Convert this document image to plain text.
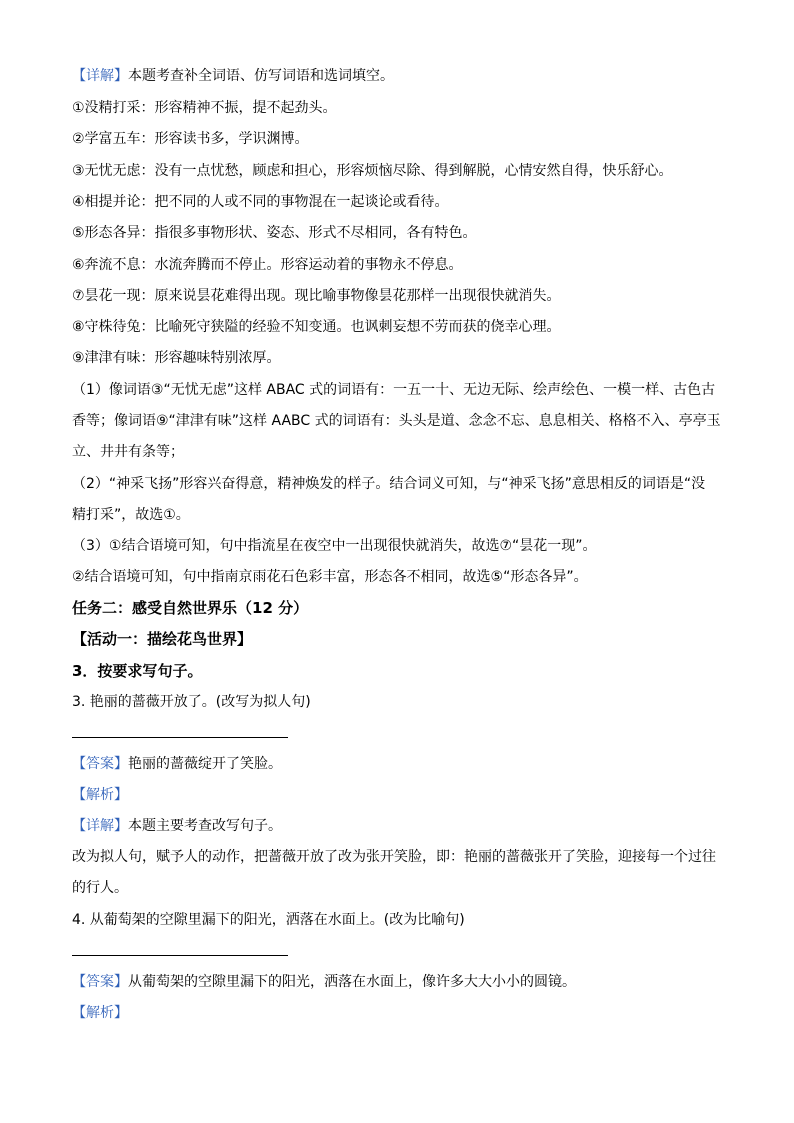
【详解】本题考查补全词语、仿写词语和选词填空。
①没精打采：形容精神不振，提不起劲头。
②学富五车：形容读书多，学识渊博。
③无忧无虑：没有一点忧愁，顾虑和担心，形容烦恼尽除、得到解脱，心情安然自得，快乐舒心。
④相提并论：把不同的人或不同的事物混在一起谈论或看待。
⑤形态各异：指很多事物形状、姿态、形式不尽相同，各有特色。
⑥奔流不息：水流奔腾而不停止。形容运动着的事物永不停息。
⑦昙花一现：原来说昙花难得出现。现比喻事物像昙花那样一出现很快就消失。
⑧守株待兔：比喻死守狭隘的经验不知变通。也讽刺妄想不劳而获的侥幸心理。
⑨津津有味：形容趣味特别浓厚。
（1）像词语③“无忧无虑”这样 ABAC 式的词语有：一五一十、无边无际、绘声绘色、一模一样、古色古
香等；像词语⑨“津津有味”这样 AABC 式的词语有：头头是道、念念不忘、息息相关、格格不入、亭亭玉
立、井井有条等；
（2）“神采飞扬”形容兴奋得意，精神焕发的样子。结合词义可知，与“神采飞扬”意思相反的词语是“没
精打采”，故选①。
（3）①结合语境可知，句中指流星在夜空中一出现很快就消失，故选⑦“昙花一现”。
②结合语境可知，句中指南京雨花石色彩丰富，形态各不相同，故选⑤“形态各异”。
任务二：感受自然世界乐（12 分）
【活动一：描绘花鸟世界】
3．按要求写句子。
3. 艳丽的蔷薇开放了。(改写为拟人句)
【答案】艳丽的蔷薇绽开了笑脸。
【解析】
【详解】本题主要考查改写句子。
改为拟人句，赋予人的动作，把蔷薇开放了改为张开笑脸，即：艳丽的蔷薇张开了笑脸，迎接每一个过往
的行人。
4. 从葡萄架的空隙里漏下的阳光，洒落在水面上。(改为比喻句)
【答案】从葡萄架的空隙里漏下的阳光，洒落在水面上，像许多大大小小的圆镜。
【解析】
